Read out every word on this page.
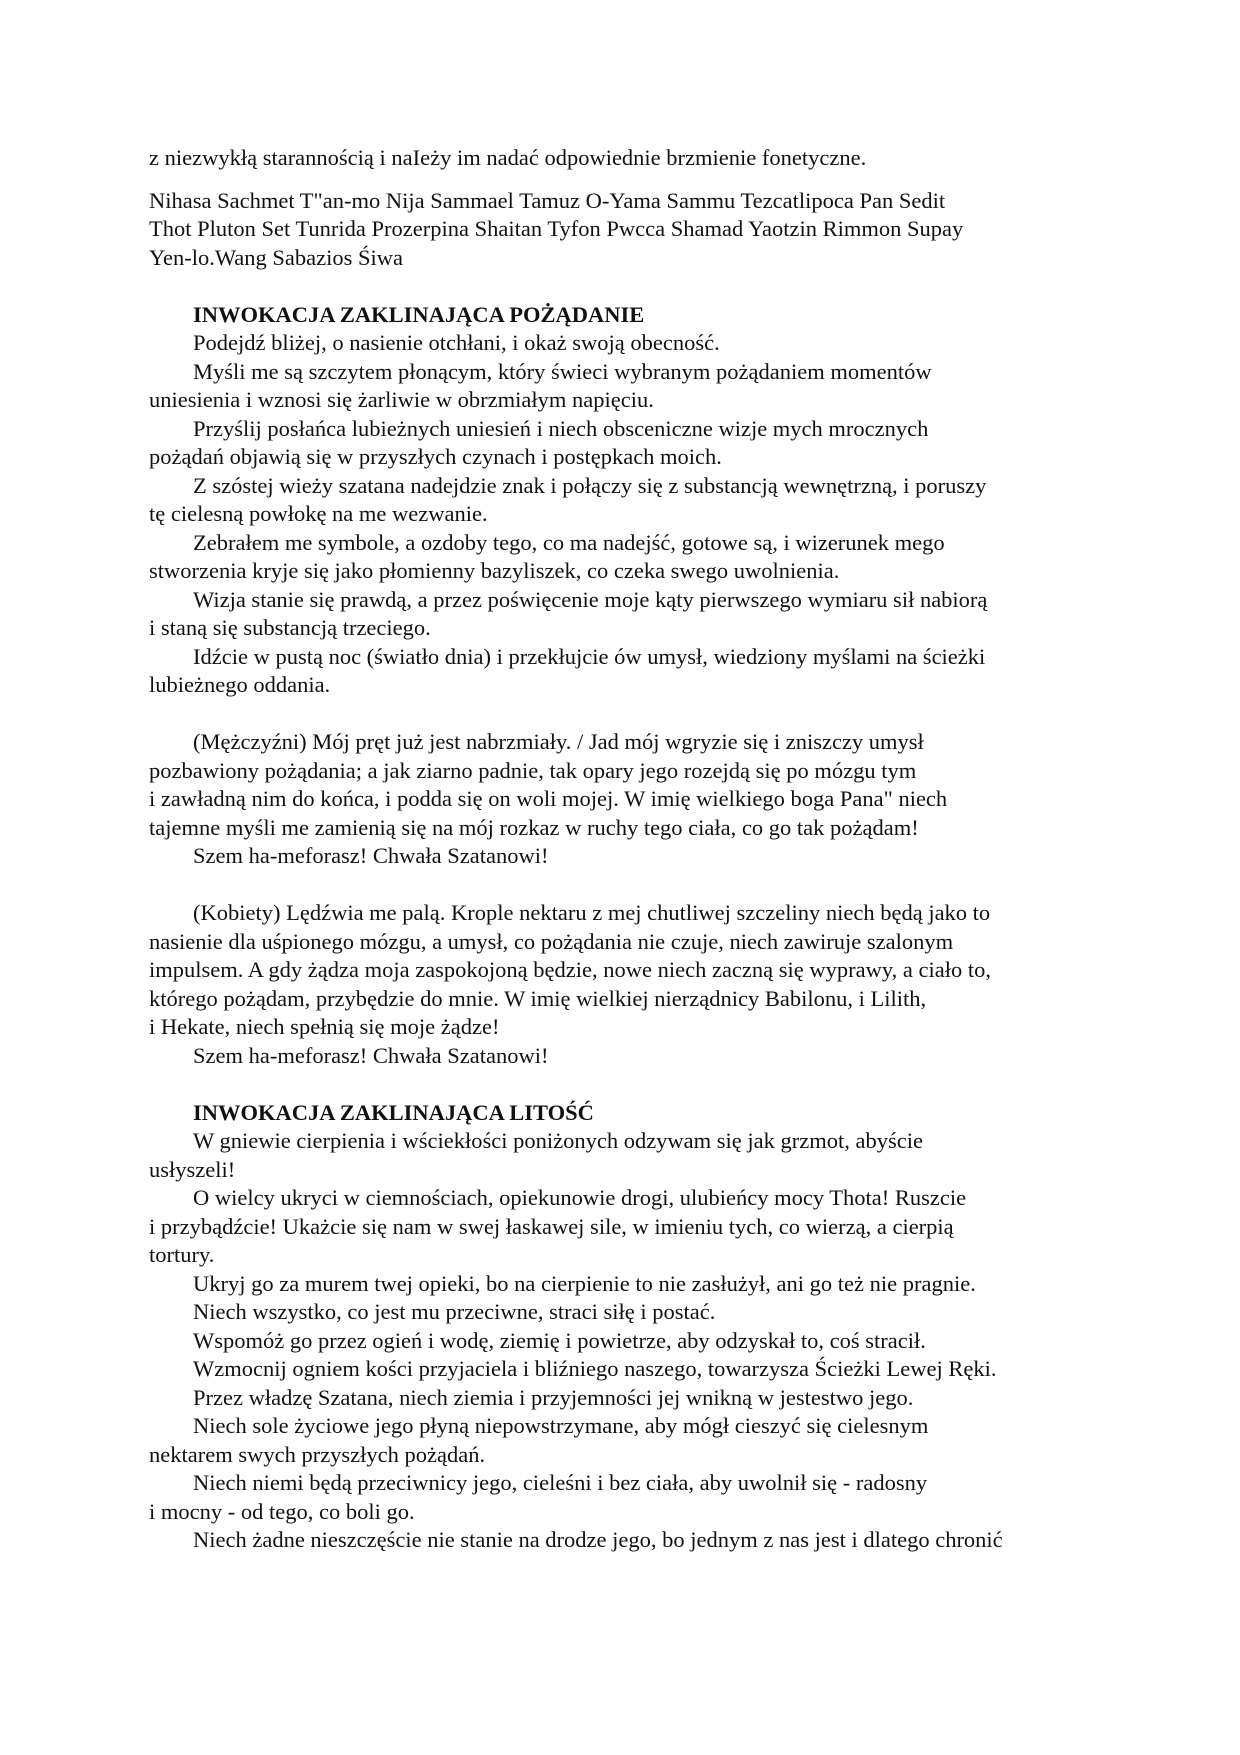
z niezwykłą starannością i naIeży im nadać odpowiednie brzmienie fonetyczne.
Nihasa Sachmet T"an-mo Nija Sammael Tamuz O-Yama Sammu Tezcatlipoca Pan Sedit
Thot Pluton Set Tunrida Prozerpina Shaitan Tyfon Pwcca Shamad Yaotzin Rimmon Supay
Yen-lo.Wang Sabazios Śiwa
INWOKACJA ZAKLINAJĄCA POŻĄDANIE
Podejdź bliżej, o nasienie otchłani, i okaż swoją obecność.
Myśli me są szczytem płonącym, który świeci wybranym pożądaniem momentów
uniesienia i wznosi się żarliwie w obrzmiałym napięciu.
Przyślij posłańca lubieżnych uniesień i niech obsceniczne wizje mych mrocznych
pożądań objawią się w przyszłych czynach i postępkach moich.
Z szóstej wieży szatana nadejdzie znak i połączy się z substancją wewnętrzną, i poruszy
tę cielesną powłokę na me wezwanie.
Zebrałem me symbole, a ozdoby tego, co ma nadejść, gotowe są, i wizerunek mego
stworzenia kryje się jako płomienny bazyliszek, co czeka swego uwolnienia.
Wizja stanie się prawdą, a przez poświęcenie moje kąty pierwszego wymiaru sił nabiorą
i staną się substancją trzeciego.
Idźcie w pustą noc (światło dnia) i przekłujcie ów umysł, wiedziony myślami na ścieżki
lubieżnego oddania.
(Mężczyźni) Mój pręt już jest nabrzmiały. / Jad mój wgryzie się i zniszczy umysł
pozbawiony pożądania; a jak ziarno padnie, tak opary jego rozejdą się po mózgu tym
i zawładną nim do końca, i podda się on woli mojej. W imię wielkiego boga Pana" niech
tajemne myśli me zamienią się na mój rozkaz w ruchy tego ciała, co go tak pożądam!
Szem ha-meforasz! Chwała Szatanowi!
(Kobiety) Lędźwia me palą. Krople nektaru z mej chutliwej szczeliny niech będą jako to
nasienie dla uśpionego mózgu, a umysł, co pożądania nie czuje, niech zawiruje szalonym
impulsem. A gdy żądza moja zaspokojoną będzie, nowe niech zaczną się wyprawy, a ciało to,
którego pożądam, przybędzie do mnie. W imię wielkiej nierządnicy Babilonu, i Lilith,
i Hekate, niech spełnią się moje żądze!
Szem ha-meforasz! Chwała Szatanowi!
INWOKACJA ZAKLINAJĄCA LITOŚĆ
W gniewie cierpienia i wściekłości poniżonych odzywam się jak grzmot, abyście
usłyszeli!
O wielcy ukryci w ciemnościach, opiekunowie drogi, ulubieńcy mocy Thota! Ruszcie
i przybądźcie! Ukażcie się nam w swej łaskawej sile, w imieniu tych, co wierzą, a cierpią
tortury.
Ukryj go za murem twej opieki, bo na cierpienie to nie zasłużył, ani go też nie pragnie.
Niech wszystko, co jest mu przeciwne, straci siłę i postać.
Wspomóż go przez ogień i wodę, ziemię i powietrze, aby odzyskał to, coś stracił.
Wzmocnij ogniem kości przyjaciela i bliźniego naszego, towarzysza Ścieżki Lewej Ręki.
Przez władzę Szatana, niech ziemia i przyjemności jej wnikną w jestestwo jego.
Niech sole życiowe jego płyną niepowstrzymane, aby mógł cieszyć się cielesnym
nektarem swych przyszłych pożądań.
Niech niemi będą przeciwnicy jego, cieleśni i bez ciała, aby uwolnił się - radosny
i mocny - od tego, co boli go.
Niech żadne nieszczęście nie stanie na drodze jego, bo jednym z nas jest i dlatego chronić
